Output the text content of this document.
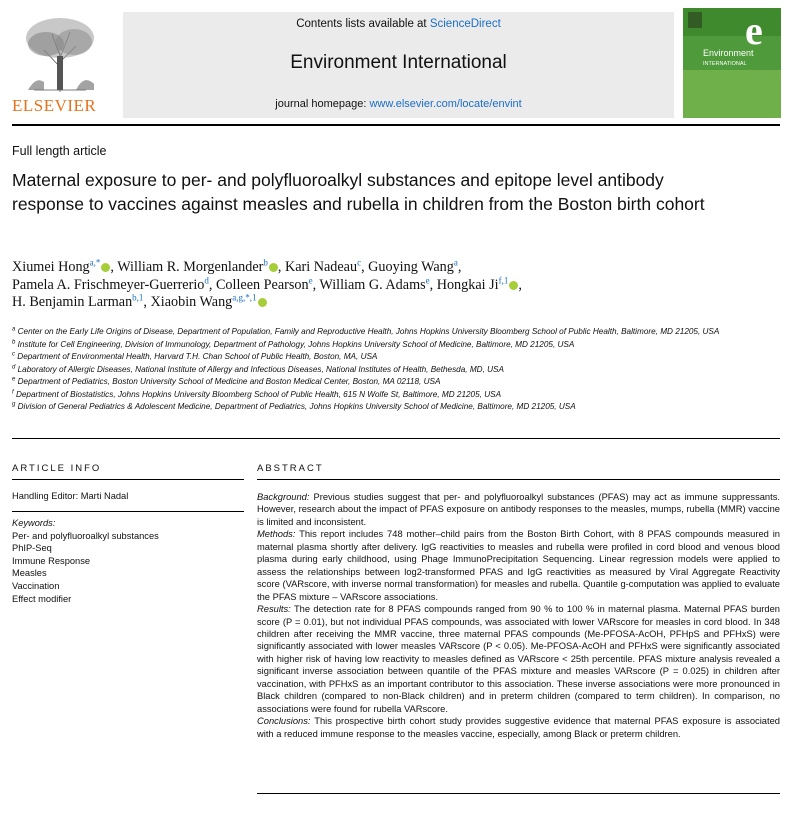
ELSEVIER
Contents lists available at ScienceDirect
Environment International
journal homepage: www.elsevier.com/locate/envint
e
Environment
INTERNATIONAL
Full length article
Maternal exposure to per- and polyfluoroalkyl substances and epitope level antibody response to vaccines against measles and rubella in children from the Boston birth cohort
Xiumei Hong$^{a,*}$ , William R. Morgenlander$^b$ , Kari Nadeau$^c$, Guoying Wang$^a$,
Pamela A. Frischmeyer-Guerrerio$^d$, Colleen Pearson$^e$, William G. Adams$^e$, Hongkai Ji$^{f,1}$ ,
H. Benjamin Larman$^{b,1}$, Xiaobin Wang$^{a,g,*,1}$
$^a$ Center on the Early Life Origins of Disease, Department of Population, Family and Reproductive Health, Johns Hopkins University Bloomberg School of Public Health, Baltimore, MD 21205, USA
$^b$ Institute for Cell Engineering, Division of Immunology, Department of Pathology, Johns Hopkins University School of Medicine, Baltimore, MD 21205, USA
$^c$ Department of Environmental Health, Harvard T.H. Chan School of Public Health, Boston, MA, USA
$^d$ Laboratory of Allergic Diseases, National Institute of Allergy and Infectious Diseases, National Institutes of Health, Bethesda, MD, USA
$^e$ Department of Pediatrics, Boston University School of Medicine and Boston Medical Center, Boston, MA 02118, USA
$^f$ Department of Biostatistics, Johns Hopkins University Bloomberg School of Public Health, 615 N Wolfe St, Baltimore, MD 21205, USA
$^g$ Division of General Pediatrics & Adolescent Medicine, Department of Pediatrics, Johns Hopkins University School of Medicine, Baltimore, MD 21205, USA
ARTICLE INFO
Handling Editor: Marti Nadal
Keywords:
Per- and polyfluoroalkyl substances
PhIP-Seq
Immune Response
Measles
Vaccination
Effect modifier
ABSTRACT

Background: Previous studies suggest that per- and polyfluoroalkyl substances (PFAS) may act as immune suppressants. However, research about the impact of PFAS exposure on antibody responses to the measles, mumps, rubella (MMR) vaccine is limited and inconsistent.

Methods: This report includes 748 mother–child pairs from the Boston Birth Cohort, with 8 PFAS compounds measured in maternal plasma shortly after delivery. IgG reactivities to measles and rubella were profiled in cord blood and venous blood plasma during early childhood, using Phage ImmunoPrecipitation Sequencing. Linear regression models were applied to assess the relationships between log2-transformed PFAS and IgG reactivities as measured by Viral Aggregate Reactivity score (VARscore, with inverse normal transformation) for measles and rubella. Quantile g-computation was applied to evaluate the PFAS mixture – VARscore associations.

Results: The detection rate for 8 PFAS compounds ranged from 90 % to 100 % in maternal plasma. Maternal PFAS burden score (P = 0.01), but not individual PFAS compounds, was associated with lower VARscore for measles in cord blood. In 348 children after receiving the MMR vaccine, three maternal PFAS compounds (Me-PFOSA-AcOH, PFHpS and PFHxS) were significantly associated with lower measles VARscore (P < 0.05). Me-PFOSA-AcOH and PFHxS were significantly associated with higher risk of having low reactivity to measles defined as VARscore < 25th percentile. PFAS mixture analysis revealed a significant inverse association between quantile of the PFAS mixture and measles VARscore (P = 0.025) in children after vaccination, with PFHxS as an important contributor to this association. These inverse associations were more pronounced in Black children (compared to non-Black children) and in preterm children (compared to term children). In comparison, no associations were found for rubella VARscore.

Conclusions: This prospective birth cohort study provides suggestive evidence that maternal PFAS exposure is associated with a reduced immune response to the measles vaccine, especially, among Black or preterm children.
